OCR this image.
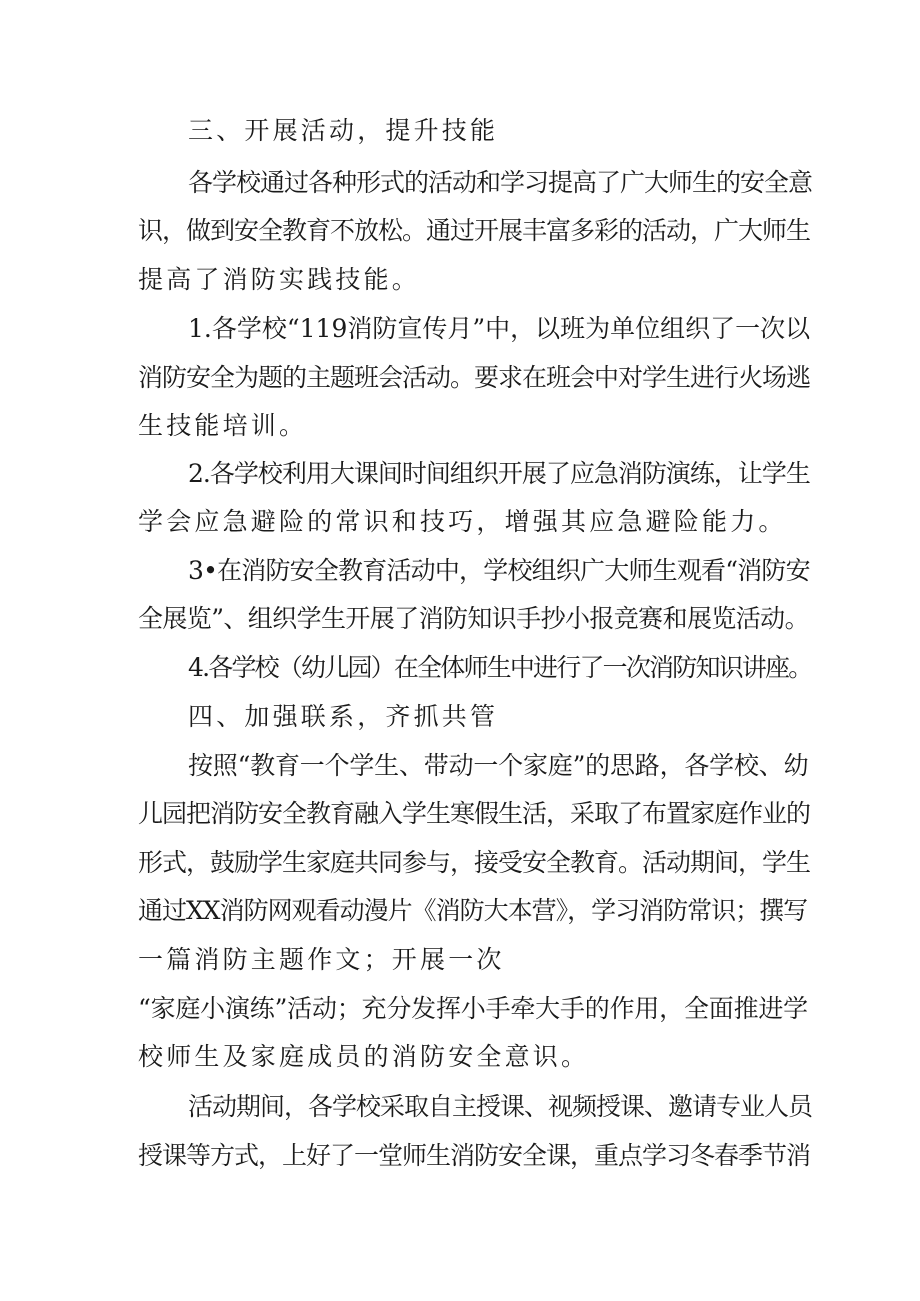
三、开展活动，提升技能
各学校通过各种形式的活动和学习提高了广大师生的安全意
识，做到安全教育不放松。通过开展丰富多彩的活动，广大师生
提高了消防实践技能。
1.各学校“119消防宣传月”中，以班为单位组织了一次以
消防安全为题的主题班会活动。要求在班会中对学生进行火场逃
生技能培训。
2.各学校利用大课间时间组织开展了应急消防演练，让学生
学会应急避险的常识和技巧，增强其应急避险能力。
3•在消防安全教育活动中，学校组织广大师生观看“消防安
全展览”、组织学生开展了消防知识手抄小报竞赛和展览活动。
4.各学校（幼儿园）在全体师生中进行了一次消防知识讲座。
四、加强联系，齐抓共管
按照“教育一个学生、带动一个家庭”的思路，各学校、幼
儿园把消防安全教育融入学生寒假生活，采取了布置家庭作业的
形式，鼓励学生家庭共同参与，接受安全教育。活动期间，学生
通过XX消防网观看动漫片《消防大本营》，学习消防常识；撰写
一篇消防主题作文；开展一次
“家庭小演练”活动；充分发挥小手牵大手的作用，全面推进学
校师生及家庭成员的消防安全意识。
活动期间，各学校采取自主授课、视频授课、邀请专业人员
授课等方式，上好了一堂师生消防安全课，重点学习冬春季节消
